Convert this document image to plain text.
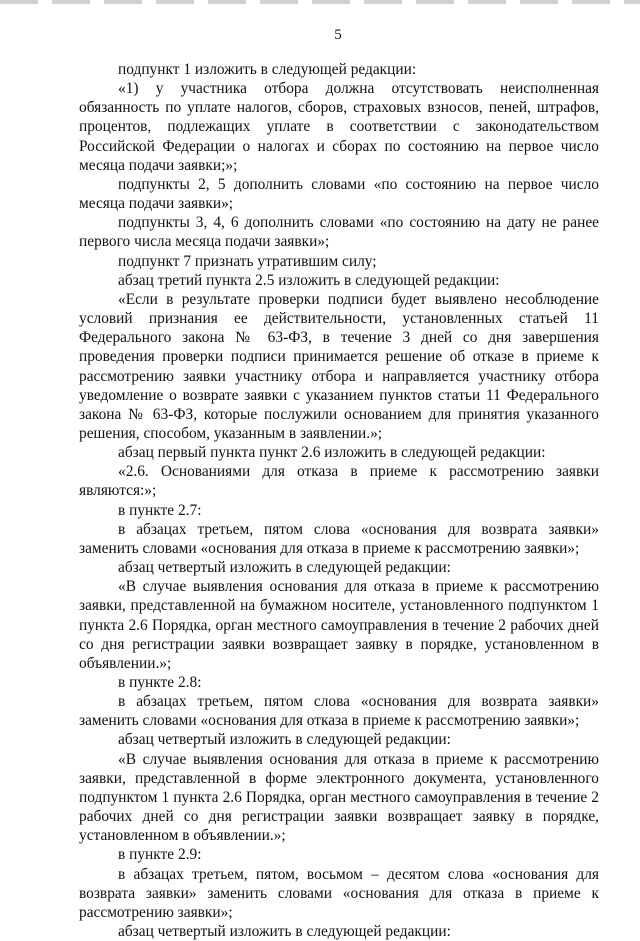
5

подпункт 1 изложить в следующей редакции:

«1) у участника отбора должна отсутствовать неисполненная обязанность по уплате налогов, сборов, страховых взносов, пеней, штрафов, процентов, подлежащих уплате в соответствии с законодательством Российской Федерации о налогах и сборах по состоянию на первое число месяца подачи заявки;»;

подпункты 2, 5 дополнить словами «по состоянию на первое число месяца подачи заявки»;

подпункты 3, 4, 6 дополнить словами «по состоянию на дату не ранее первого числа месяца подачи заявки»;

подпункт 7 признать утратившим силу;

абзац третий пункта 2.5 изложить в следующей редакции:

«Если в результате проверки подписи будет выявлено несоблюдение условий признания ее действительности, установленных статьей 11 Федерального закона № 63-ФЗ, в течение 3 дней со дня завершения проведения проверки подписи принимается решение об отказе в приеме к рассмотрению заявки участнику отбора и направляется участнику отбора уведомление о возврате заявки с указанием пунктов статьи 11 Федерального закона № 63-ФЗ, которые послужили основанием для принятия указанного решения, способом, указанным в заявлении.»;

абзац первый пункта пункт 2.6 изложить в следующей редакции:

«2.6. Основаниями для отказа в приеме к рассмотрению заявки являются:»;

в пункте 2.7:

в абзацах третьем, пятом слова «основания для возврата заявки» заменить словами «основания для отказа в приеме к рассмотрению заявки»;

абзац четвертый изложить в следующей редакции:

«В случае выявления основания для отказа в приеме к рассмотрению заявки, представленной на бумажном носителе, установленного подпунктом 1 пункта 2.6 Порядка, орган местного самоуправления в течение 2 рабочих дней со дня регистрации заявки возвращает заявку в порядке, установленном в объявлении.»;

в пункте 2.8:

в абзацах третьем, пятом слова «основания для возврата заявки» заменить словами «основания для отказа в приеме к рассмотрению заявки»;

абзац четвертый изложить в следующей редакции:

«В случае выявления основания для отказа в приеме к рассмотрению заявки, представленной в форме электронного документа, установленного подпунктом 1 пункта 2.6 Порядка, орган местного самоуправления в течение 2 рабочих дней со дня регистрации заявки возвращает заявку в порядке, установленном в объявлении.»;

в пункте 2.9:

в абзацах третьем, пятом, восьмом – десятом слова «основания для возврата заявки» заменить словами «основания для отказа в приеме к рассмотрению заявки»;

абзац четвертый изложить в следующей редакции:
